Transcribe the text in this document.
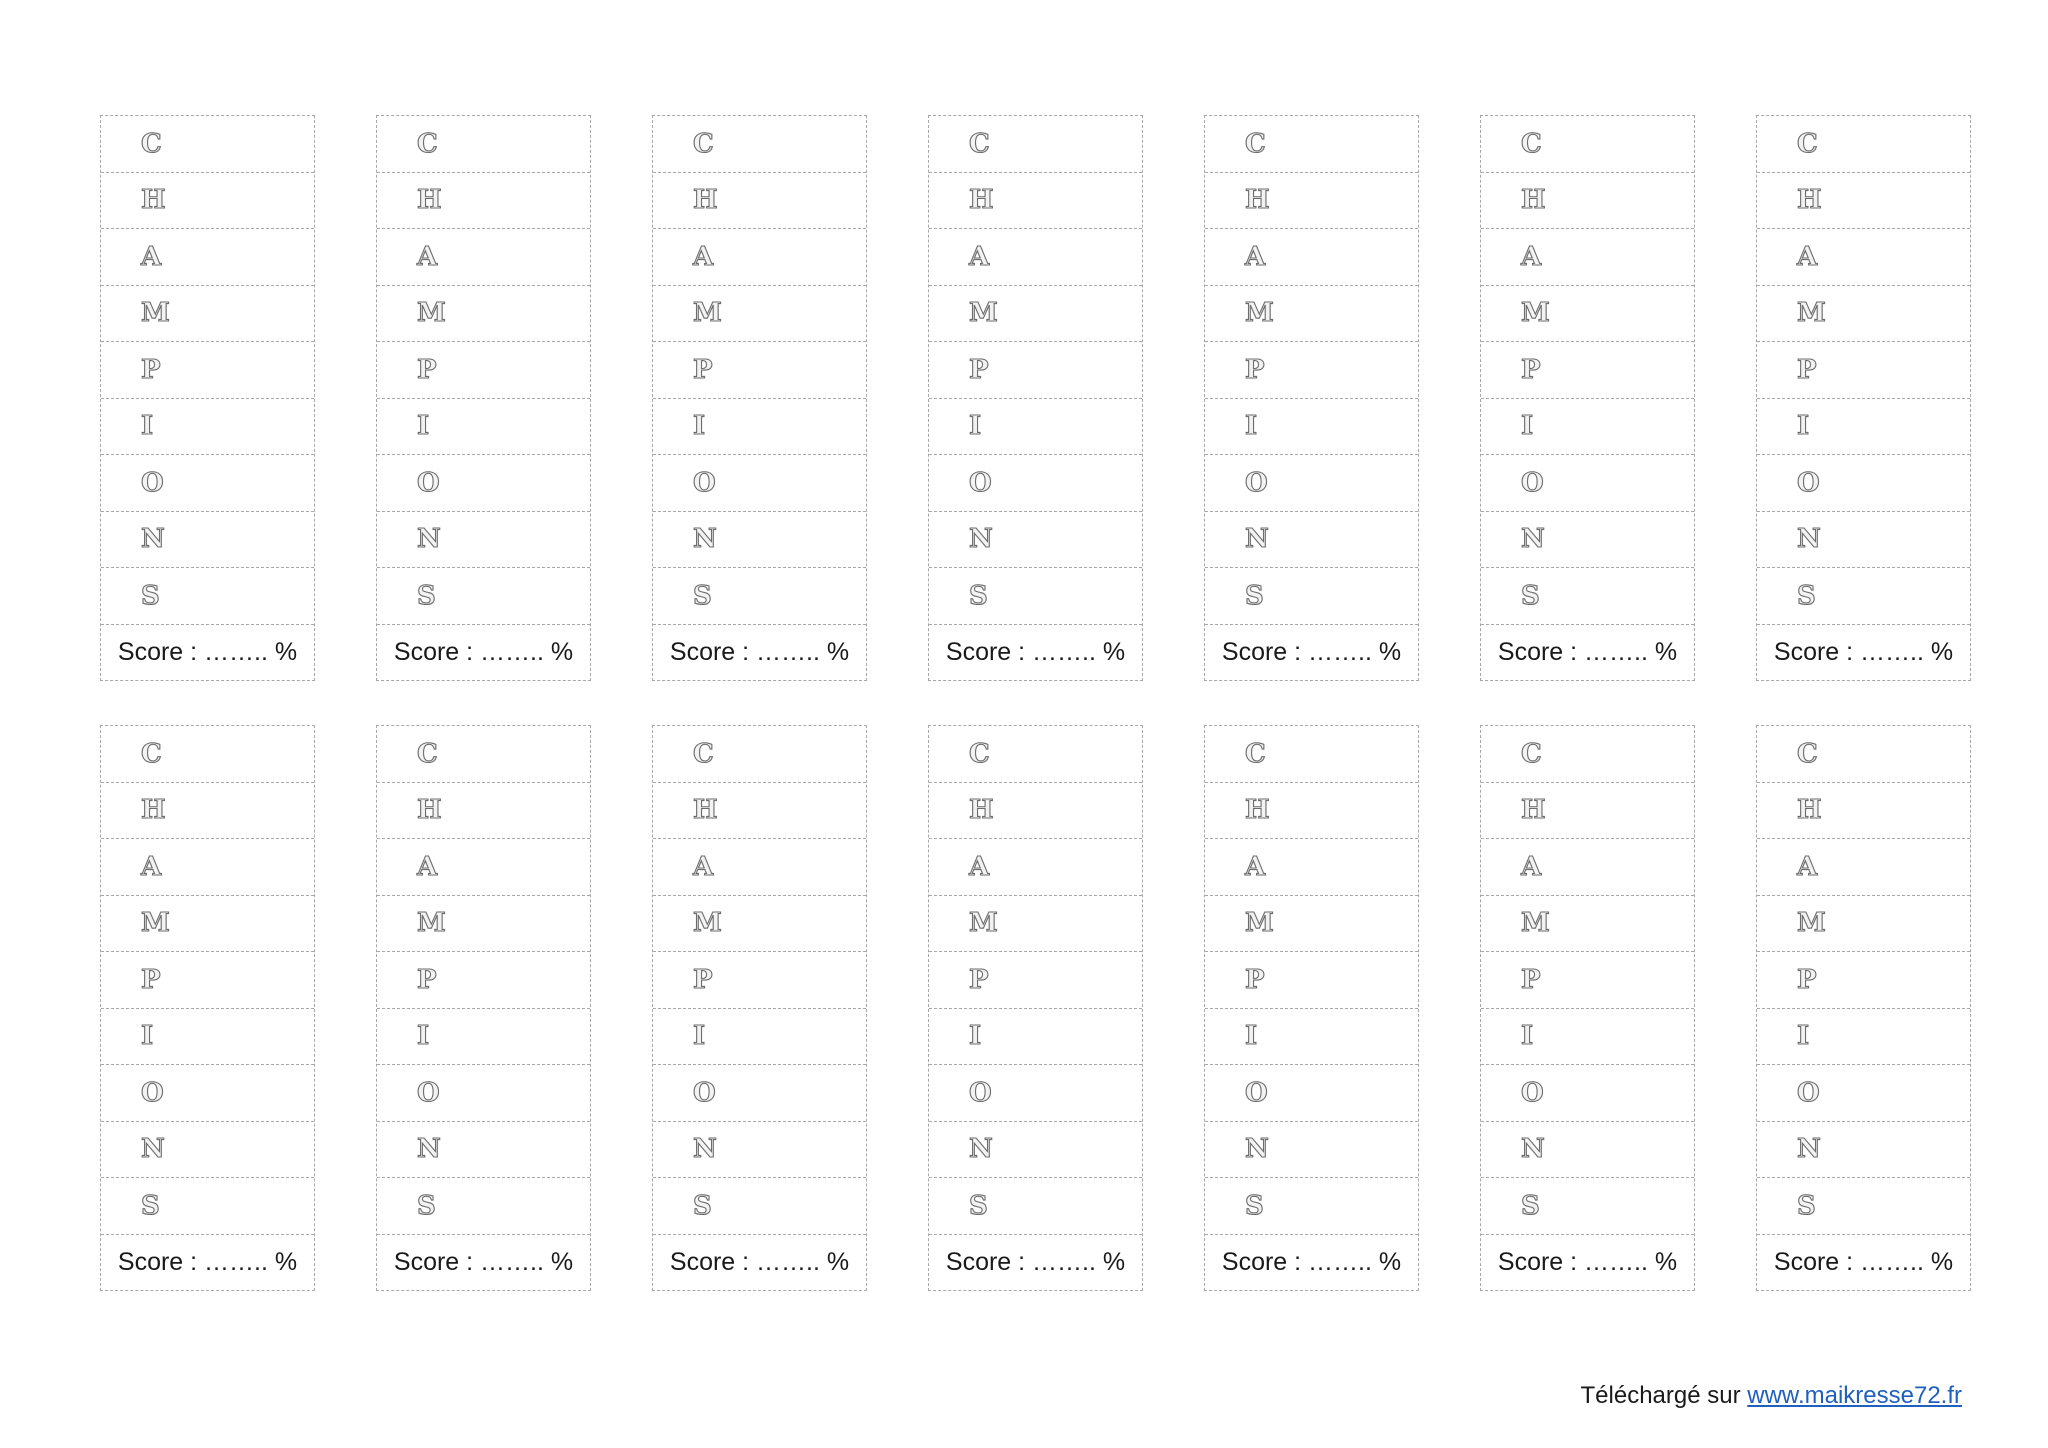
C
H
A
M
P
I
O
N
S
Score : …….. %
C
H
A
M
P
I
O
N
S
Score : …….. %
C
H
A
M
P
I
O
N
S
Score : …….. %
C
H
A
M
P
I
O
N
S
Score : …….. %
C
H
A
M
P
I
O
N
S
Score : …….. %
C
H
A
M
P
I
O
N
S
Score : …….. %
C
H
A
M
P
I
O
N
S
Score : …….. %
C
H
A
M
P
I
O
N
S
Score : …….. %
C
H
A
M
P
I
O
N
S
Score : …….. %
C
H
A
M
P
I
O
N
S
Score : …….. %
C
H
A
M
P
I
O
N
S
Score : …….. %
C
H
A
M
P
I
O
N
S
Score : …….. %
C
H
A
M
P
I
O
N
S
Score : …….. %
C
H
A
M
P
I
O
N
S
Score : …….. %
Téléchargé sur www.maikresse72.fr
